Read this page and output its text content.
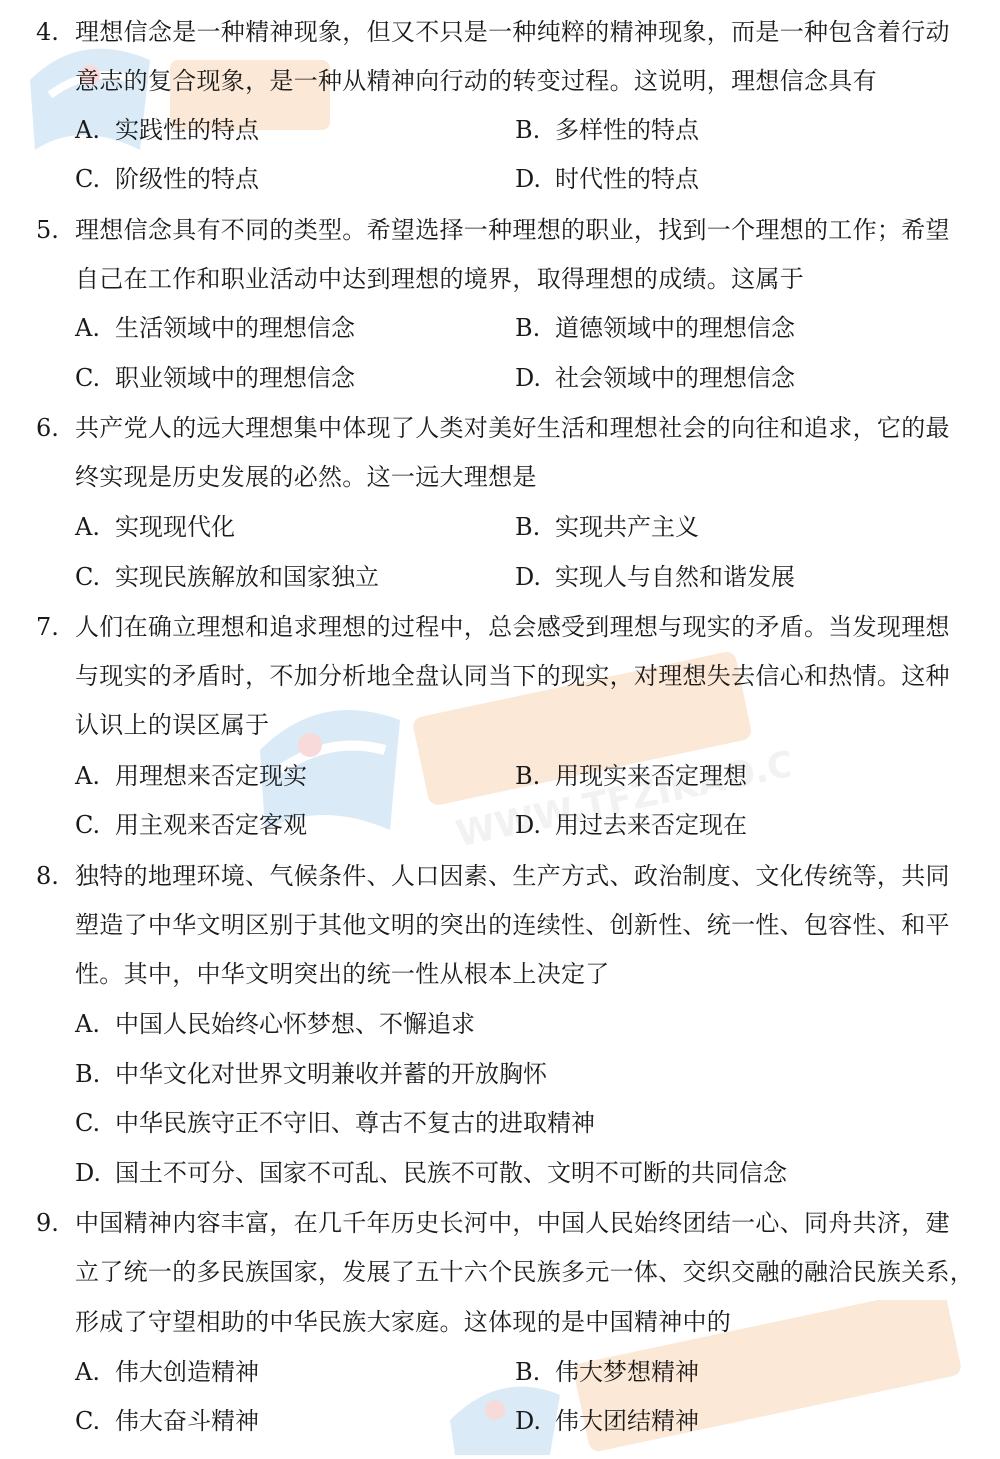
WWW.TFZIKAO.COM
4. 理想信念是一种精神现象，但又不只是一种纯粹的精神现象，而是一种包含着行动
意志的复合现象，是一种从精神向行动的转变过程。这说明，理想信念具有
A. 实践性的特点	B. 多样性的特点
C. 阶级性的特点	D. 时代性的特点
5. 理想信念具有不同的类型。希望选择一种理想的职业，找到一个理想的工作；希望
自己在工作和职业活动中达到理想的境界，取得理想的成绩。这属于
A. 生活领域中的理想信念	B. 道德领域中的理想信念
C. 职业领域中的理想信念	D. 社会领域中的理想信念
6. 共产党人的远大理想集中体现了人类对美好生活和理想社会的向往和追求，它的最
终实现是历史发展的必然。这一远大理想是
A. 实现现代化	B. 实现共产主义
C. 实现民族解放和国家独立	D. 实现人与自然和谐发展
7. 人们在确立理想和追求理想的过程中，总会感受到理想与现实的矛盾。当发现理想
与现实的矛盾时，不加分析地全盘认同当下的现实，对理想失去信心和热情。这种
认识上的误区属于
A. 用理想来否定现实	B. 用现实来否定理想
C. 用主观来否定客观	D. 用过去来否定现在
8. 独特的地理环境、气候条件、人口因素、生产方式、政治制度、文化传统等，共同
塑造了中华文明区别于其他文明的突出的连续性、创新性、统一性、包容性、和平
性。其中，中华文明突出的统一性从根本上决定了
A. 中国人民始终心怀梦想、不懈追求
B. 中华文化对世界文明兼收并蓄的开放胸怀
C. 中华民族守正不守旧、尊古不复古的进取精神
D. 国土不可分、国家不可乱、民族不可散、文明不可断的共同信念
9. 中国精神内容丰富，在几千年历史长河中，中国人民始终团结一心、同舟共济，建
立了统一的多民族国家，发展了五十六个民族多元一体、交织交融的融洽民族关系，
形成了守望相助的中华民族大家庭。这体现的是中国精神中的
A. 伟大创造精神	B. 伟大梦想精神
C. 伟大奋斗精神	D. 伟大团结精神
